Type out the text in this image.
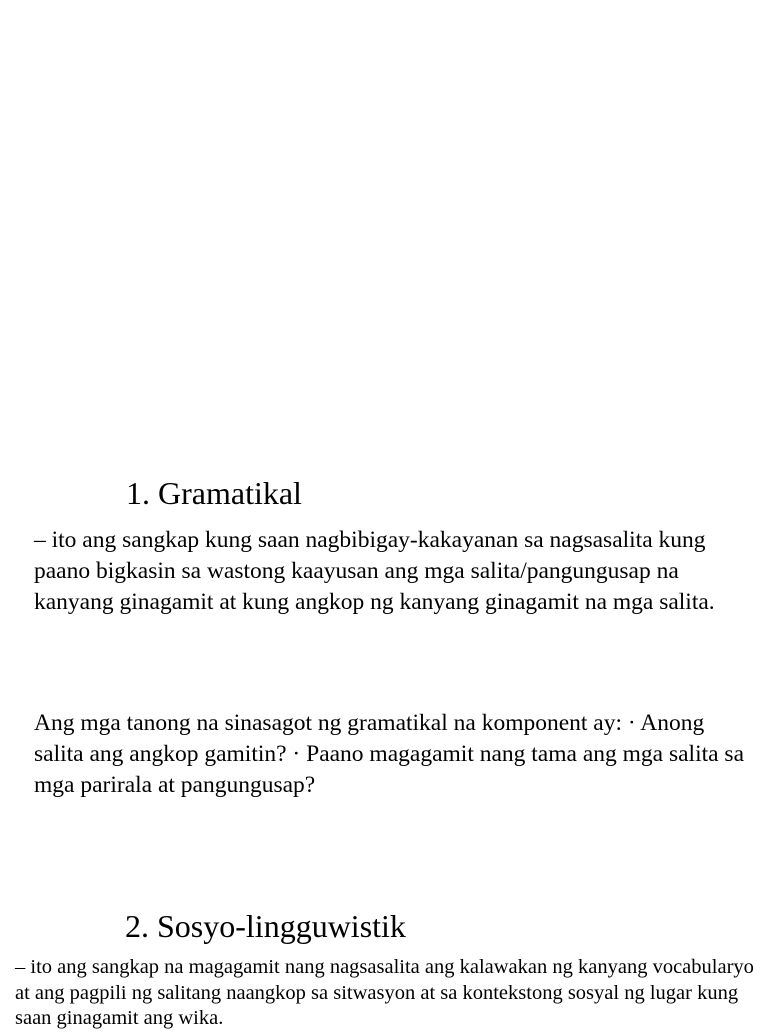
1. Gramatikal

– ito ang sangkap kung saan nagbibigay-kakayanan sa nagsasalita kung paano bigkasin sa wastong kaayusan ang mga salita/pangungusap na kanyang ginagamit at kung angkop ng kanyang ginagamit na mga salita.

Ang mga tanong na sinasagot ng gramatikal na komponent ay: · Anong salita ang angkop gamitin? · Paano magagamit nang tama ang mga salita sa mga parirala at pangungusap?

2. Sosyo-lingguwistik

– ito ang sangkap na magagamit nang nagsasalita ang kalawakan ng kanyang vocabularyo at ang pagpili ng salitang naangkop sa sitwasyon at sa kontekstong sosyal ng lugar kung saan ginagamit ang wika.
